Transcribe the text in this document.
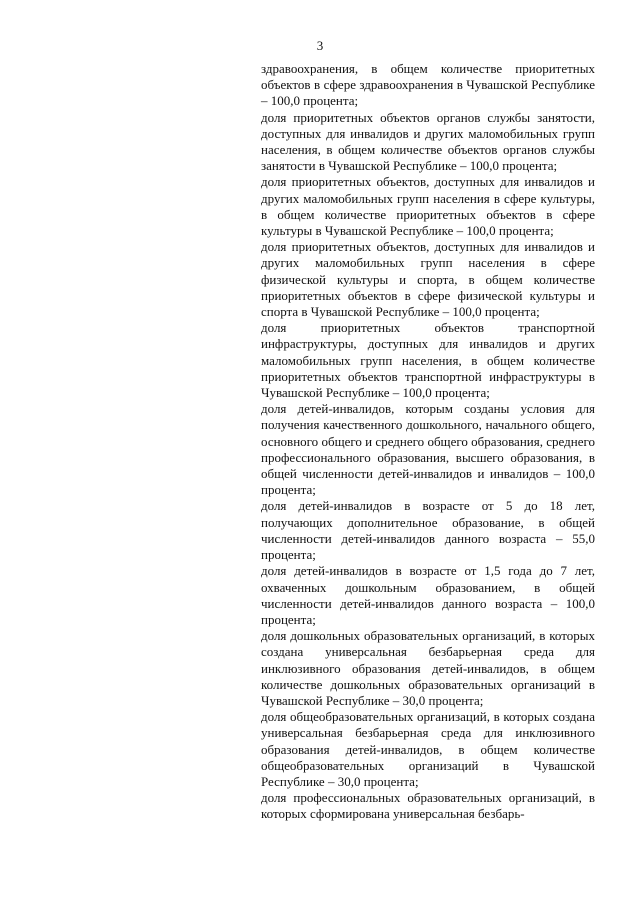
3

здравоохранения, в общем количестве приоритетных объектов в сфере здравоохранения в Чувашской Республике – 100,0 процента;

доля приоритетных объектов органов службы занятости, доступных для инвалидов и других маломобильных групп населения, в общем количестве объектов органов службы занятости в Чувашской Республике – 100,0 процента;

доля приоритетных объектов, доступных для инвалидов и других маломобильных групп населения в сфере культуры, в общем количестве приоритетных объектов в сфере культуры в Чувашской Республике – 100,0 процента;

доля приоритетных объектов, доступных для инвалидов и других маломобильных групп населения в сфере физической культуры и спорта, в общем количестве приоритетных объектов в сфере физической культуры и спорта в Чувашской Республике – 100,0 процента;

доля приоритетных объектов транспортной инфраструктуры, доступных для инвалидов и других маломобильных групп населения, в общем количестве приоритетных объектов транспортной инфраструктуры в Чувашской Республике – 100,0 процента;

доля детей-инвалидов, которым созданы условия для получения качественного дошкольного, начального общего, основного общего и среднего общего образования, среднего профессионального образования, высшего образования, в общей численности детей-инвалидов и инвалидов – 100,0 процента;

доля детей-инвалидов в возрасте от 5 до 18 лет, получающих дополнительное образование, в общей численности детей-инвалидов данного возраста – 55,0 процента;

доля детей-инвалидов в возрасте от 1,5 года до 7 лет, охваченных дошкольным образованием, в общей численности детей-инвалидов данного возраста – 100,0 процента;

доля дошкольных образовательных организаций, в которых создана универсальная безбарьерная среда для инклюзивного образования детей-инвалидов, в общем количестве дошкольных образовательных организаций в Чувашской Республике – 30,0 процента;

доля общеобразовательных организаций, в которых создана универсальная безбарьерная среда для инклюзивного образования детей-инвалидов, в общем количестве общеобразовательных организаций в Чувашской Республике – 30,0 процента;

доля профессиональных образовательных организаций, в которых сформирована универсальная безбарь-
